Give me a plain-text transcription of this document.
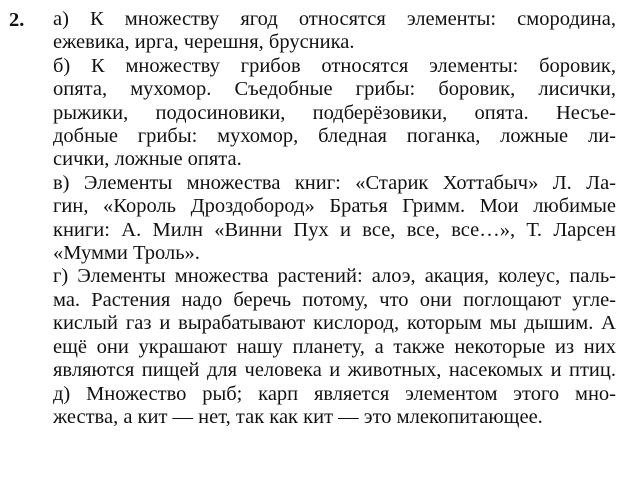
2. а) К множеству ягод относятся элементы: смородина,
ежевика, ирга, черешня, брусника.
б) К множеству грибов относятся элементы: боровик,
опята, мухомор. Съедобные грибы: боровик, лисички,
рыжики, подосиновики, подберёзовики, опята. Несъе-
добные грибы: мухомор, бледная поганка, ложные ли-
сички, ложные опята.
в) Элементы множества книг: «Старик Хоттабыч» Л. Ла-
гин, «Король Дроздобород» Братья Гримм. Мои любимые
книги: А. Милн «Винни Пух и все, все, все…», Т. Ларсен
«Мумми Троль».
г) Элементы множества растений: алоэ, акация, колеус, паль-
ма. Растения надо беречь потому, что они поглощают угле-
кислый газ и вырабатывают кислород, которым мы дышим. А
ещё они украшают нашу планету, а также некоторые из них
являются пищей для человека и животных, насекомых и птиц.
д) Множество рыб; карп является элементом этого мно-
жества, а кит — нет, так как кит — это млекопитающее.
